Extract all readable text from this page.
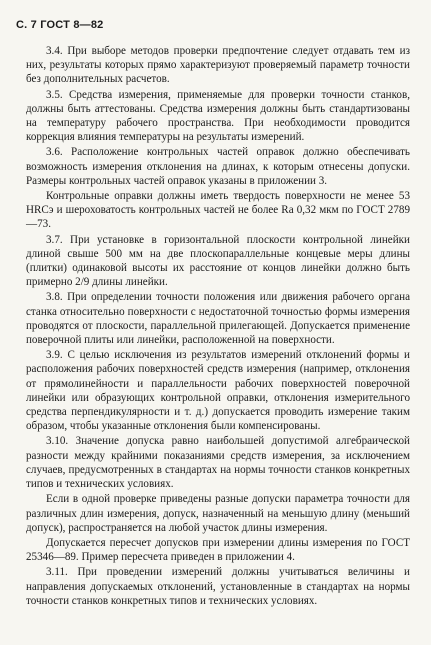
С. 7 ГОСТ 8—82

3.4. При выборе методов проверки предпочтение следует отдавать тем из них, результаты которых прямо характеризуют проверяемый параметр точности без дополнительных расчетов.

3.5. Средства измерения, применяемые для проверки точности станков, должны быть аттестованы. Средства измерения должны быть стандартизованы на температуру рабочего пространства. При необходимости проводится коррекция влияния температуры на результаты измерений.

3.6. Расположение контрольных частей оправок должно обеспечивать возможность измерения отклонения на длинах, к которым отнесены допуски. Размеры контрольных частей оправок указаны в приложении 3.

Контрольные оправки должны иметь твердость поверхности не менее 53 HRCэ и шероховатость контрольных частей не более Ra 0,32 мкм по ГОСТ 2789—73.

3.7. При установке в горизонтальной плоскости контрольной линейки длиной свыше 500 мм на две плоскопараллельные концевые меры длины (плитки) одинаковой высоты их расстояние от концов линейки должно быть примерно 2/9 длины линейки.

3.8. При определении точности положения или движения рабочего органа станка относительно поверхности с недостаточной точностью формы измерения проводятся от плоскости, параллельной прилегающей. Допускается применение поверочной плиты или линейки, расположенной на поверхности.

3.9. С целью исключения из результатов измерений отклонений формы и расположения рабочих поверхностей средств измерения (например, отклонения от прямолинейности и параллельности рабочих поверхностей поверочной линейки или образующих контрольной оправки, отклонения измерительного средства перпендикулярности и т. д.) допускается проводить измерение таким образом, чтобы указанные отклонения были компенсированы.

3.10. Значение допуска равно наибольшей допустимой алгебраической разности между крайними показаниями средств измерения, за исключением случаев, предусмотренных в стандартах на нормы точности станков конкретных типов и технических условиях.

Если в одной проверке приведены разные допуски параметра точности для различных длин измерения, допуск, назначенный на меньшую длину (меньший допуск), распространяется на любой участок длины измерения.

Допускается пересчет допусков при измерении длины измерения по ГОСТ 25346—89. Пример пересчета приведен в приложении 4.

3.11. При проведении измерений должны учитываться величины и направления допускаемых отклонений, установленные в стандартах на нормы точности станков конкретных типов и технических условиях.
